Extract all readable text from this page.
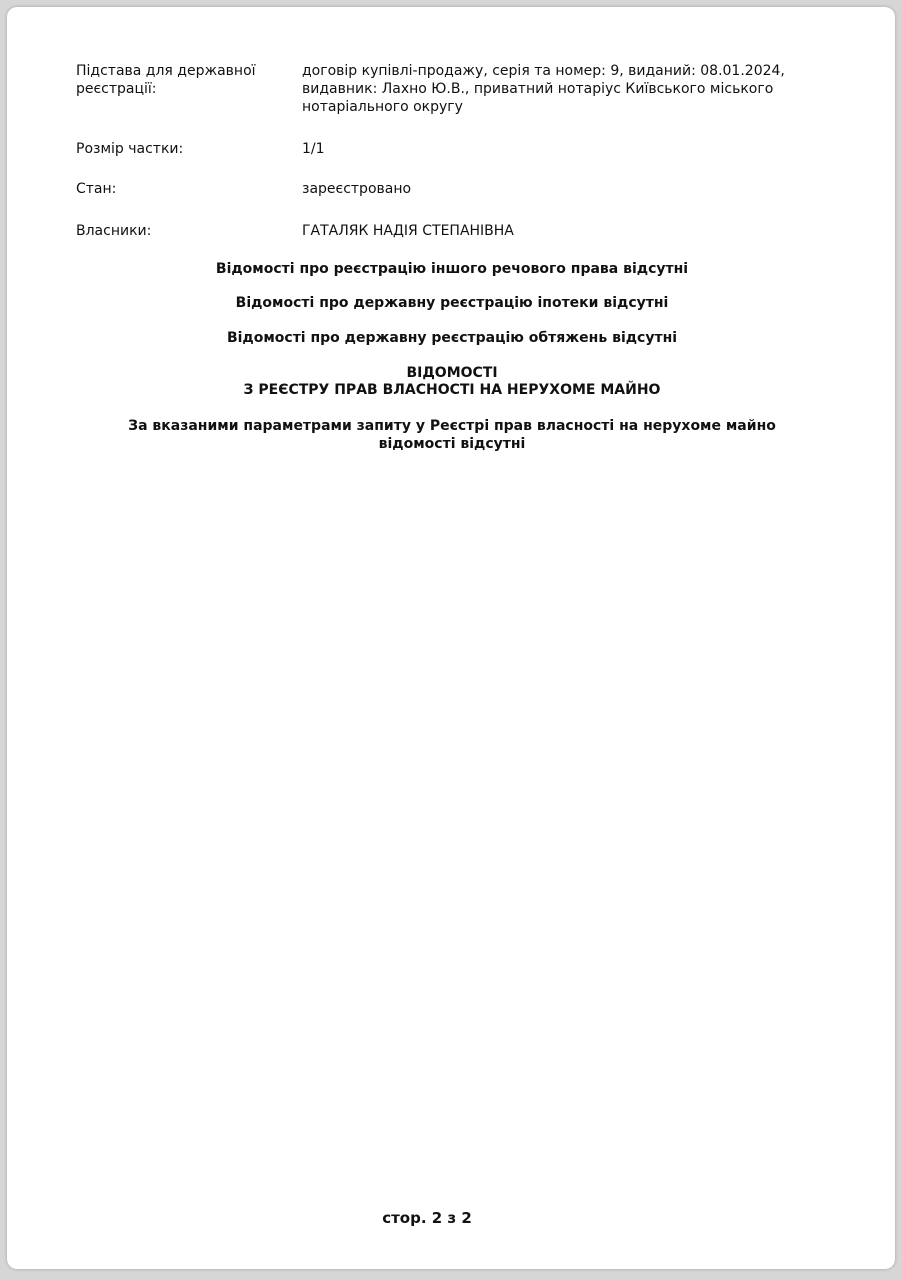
Підстава для державної реєстрації:
договір купівлі-продажу, серія та номер: 9, виданий: 08.01.2024, видавник: Лахно Ю.В., приватний нотаріус Київського міського нотаріального округу
Розмір частки:	1/1
Стан:	зареєстровано
Власники:	ГАТАЛЯК НАДІЯ СТЕПАНІВНА
Відомості про реєстрацію іншого речового права відсутні
Відомості про державну реєстрацію іпотеки відсутні
Відомості про державну реєстрацію обтяжень відсутні
ВІДОМОСТІ
З РЕЄСТРУ ПРАВ ВЛАСНОСТІ НА НЕРУХОМЕ МАЙНО
За вказаними параметрами запиту у Реєстрі прав власності на нерухоме майно
відомості відсутні
стор. 2 з 2
